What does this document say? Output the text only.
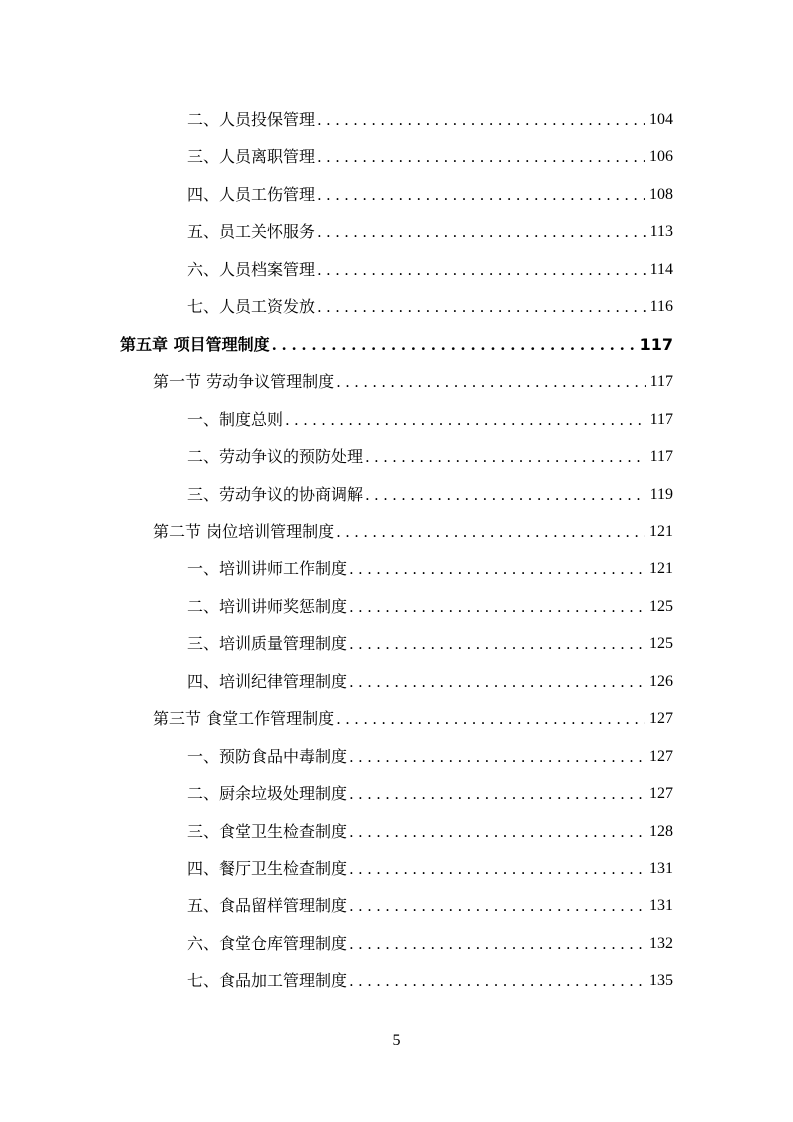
二、人员投保管理 . . .	104
三、人员离职管理 . . .	106
四、人员工伤管理 . . .	108
五、员工关怀服务 . . .	113
六、人员档案管理 . . .	114
七、人员工资发放 . . .	116
第五章 项目管理制度 . . .	117
第一节 劳动争议管理制度 . . .	117
一、制度总则 . . .	117
二、劳动争议的预防处理 . . .	117
三、劳动争议的协商调解 . . .	119
第二节 岗位培训管理制度 . . .	121
一、培训讲师工作制度 . . .	121
二、培训讲师奖惩制度 . . .	125
三、培训质量管理制度 . . .	125
四、培训纪律管理制度 . . .	126
第三节 食堂工作管理制度 . . .	127
一、预防食品中毒制度 . . .	127
二、厨余垃圾处理制度 . . .	127
三、食堂卫生检查制度 . . .	128
四、餐厅卫生检查制度 . . .	131
五、食品留样管理制度 . . .	131
六、食堂仓库管理制度 . . .	132
七、食品加工管理制度 . . .	135
5
